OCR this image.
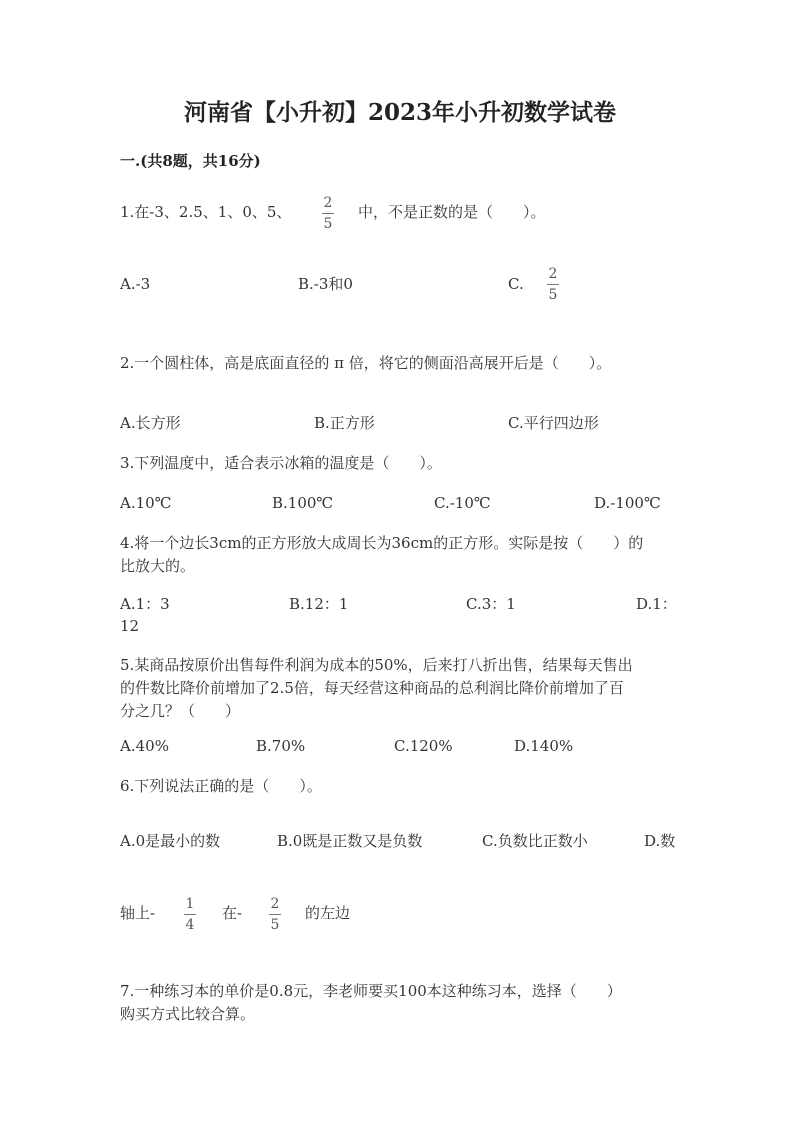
河南省【小升初】2023年小升初数学试卷
一.(共8题，共16分)
1.在-3、2.5、1、0、5、 2
5
中，不是正数的是（　　）。
A.-3	B.-3和0	C.
2
5
2.一个圆柱体，高是底面直径的 π 倍，将它的侧面沿高展开后是（　　）。
A.长方形	B.正方形	C.平行四边形
3.下列温度中，适合表示冰箱的温度是（　　）。
A.10℃	B.100℃	C.-10℃	D.-100℃
4.将一个边长3cm的正方形放大成周长为36cm的正方形。实际是按（　　）的
比放大的。
A.1：3	B.12：1	C.3：1	D.1：
12
5.某商品按原价出售每件利润为成本的50%，后来打八折出售，结果每天售出
的件数比降价前增加了2.5倍，每天经营这种商品的总利润比降价前增加了百
分之几？（　　）
A.40%	B.70%	C.120%	D.140%
6.下列说法正确的是（　　）。
A.0是最小的数	B.0既是正数又是负数	C.负数比正数小	D.数
轴上- 1
4
在- 2
5
的左边
7.一种练习本的单价是0.8元，李老师要买100本这种练习本，选择（　　）
购买方式比较合算。
